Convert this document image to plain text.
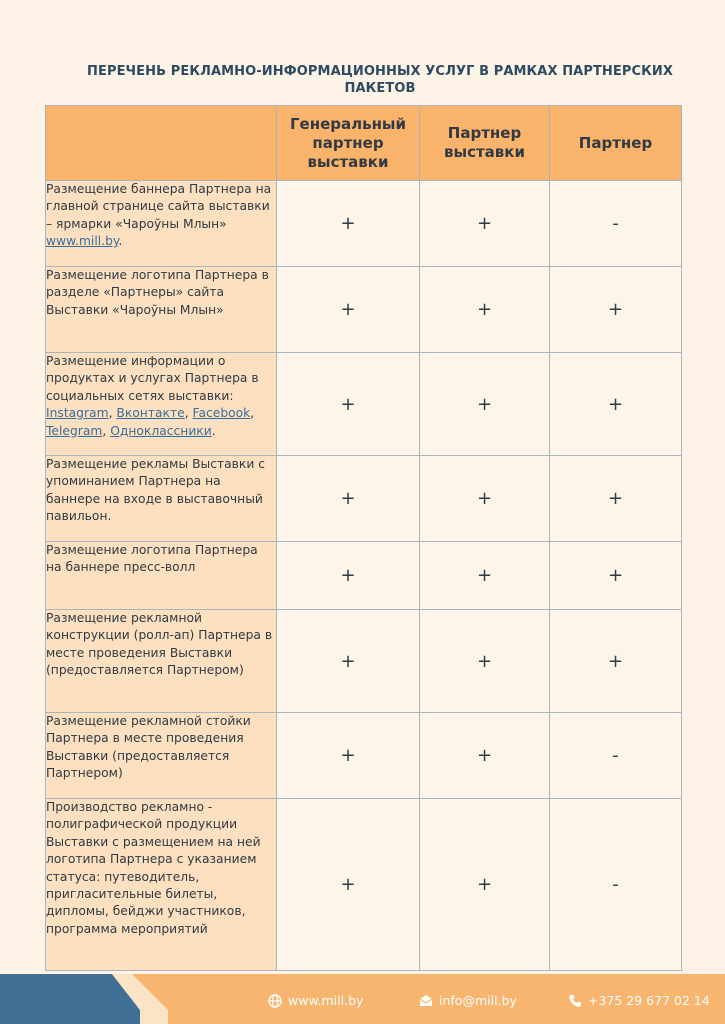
ПЕРЕЧЕНЬ РЕКЛАМНО-ИНФОРМАЦИОННЫХ УСЛУГ В РАМКАХ ПАРТНЕРСКИХ ПАКЕТОВ
	Генеральный партнер выставки	Партнер выставки	Партнер
Размещение баннера Партнера на главной странице сайта выставки – ярмарки «Чароўны Млын» www.mill.by.	+	+	-
Размещение логотипа Партнера в разделе «Партнеры» сайта Выставки «Чароўны Млын»	+	+	+
Размещение информации о продуктах и услугах Партнера в социальных сетях выставки: Instagram, Вконтакте, Facebook, Telegram, Одноклассники.	+	+	+
Размещение рекламы Выставки с упоминанием Партнера на баннере на входе в выставочный павильон.	+	+	+
Размещение логотипа Партнера на баннере пресс-волл	+	+	+
Размещение рекламной конструкции (ролл-ап) Партнера в месте проведения Выставки (предоставляется Партнером)	+	+	+
Размещение рекламной стойки Партнера в месте проведения Выставки (предоставляется Партнером)	+	+	-
Производство рекламно - полиграфической продукции Выставки с размещением на ней логотипа Партнера с указанием статуса: путеводитель, пригласительные билеты, дипломы, бейджи участников, программа мероприятий	+	+	-
www.mill.by	info@mill.by	+375 29 677 02 14
